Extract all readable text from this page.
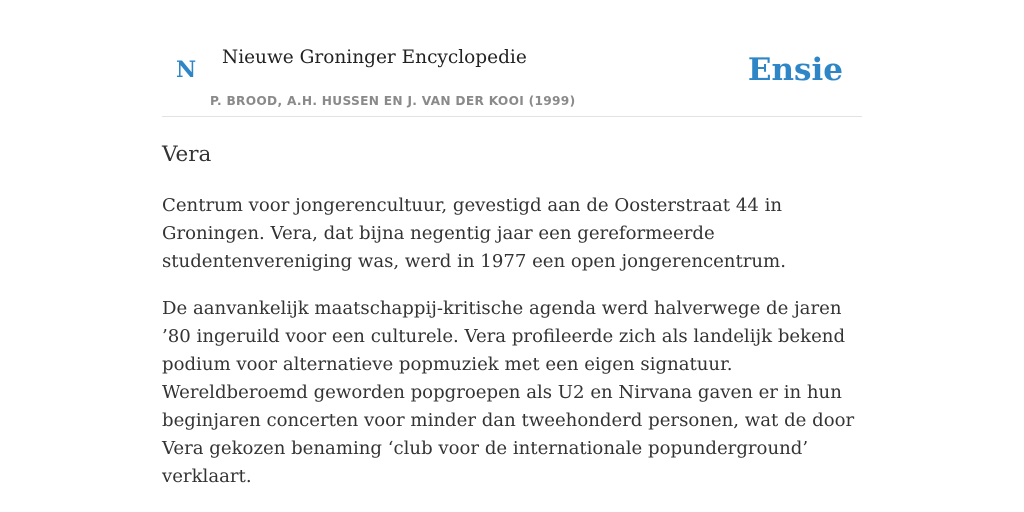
N Nieuwe Groninger Encyclopedie
P. BROOD, A.H. HUSSEN EN J. VAN DER KOOI (1999)
Ensie
Vera

Centrum voor jongerencultuur, gevestigd aan de Oosterstraat 44 in Groningen. Vera, dat bijna negentig jaar een gereformeerde studentenvereniging was, werd in 1977 een open jongerencentrum.

De aanvankelijk maatschappij-kritische agenda werd halverwege de jaren ’80 ingeruild voor een culturele. Vera profileerde zich als landelijk bekend podium voor alternatieve popmuziek met een eigen signatuur. Wereldberoemd geworden popgroepen als U2 en Nirvana gaven er in hun beginjaren concerten voor minder dan tweehonderd personen, wat de door Vera gekozen benaming ‘club voor de internationale popunderground’ verklaart.
